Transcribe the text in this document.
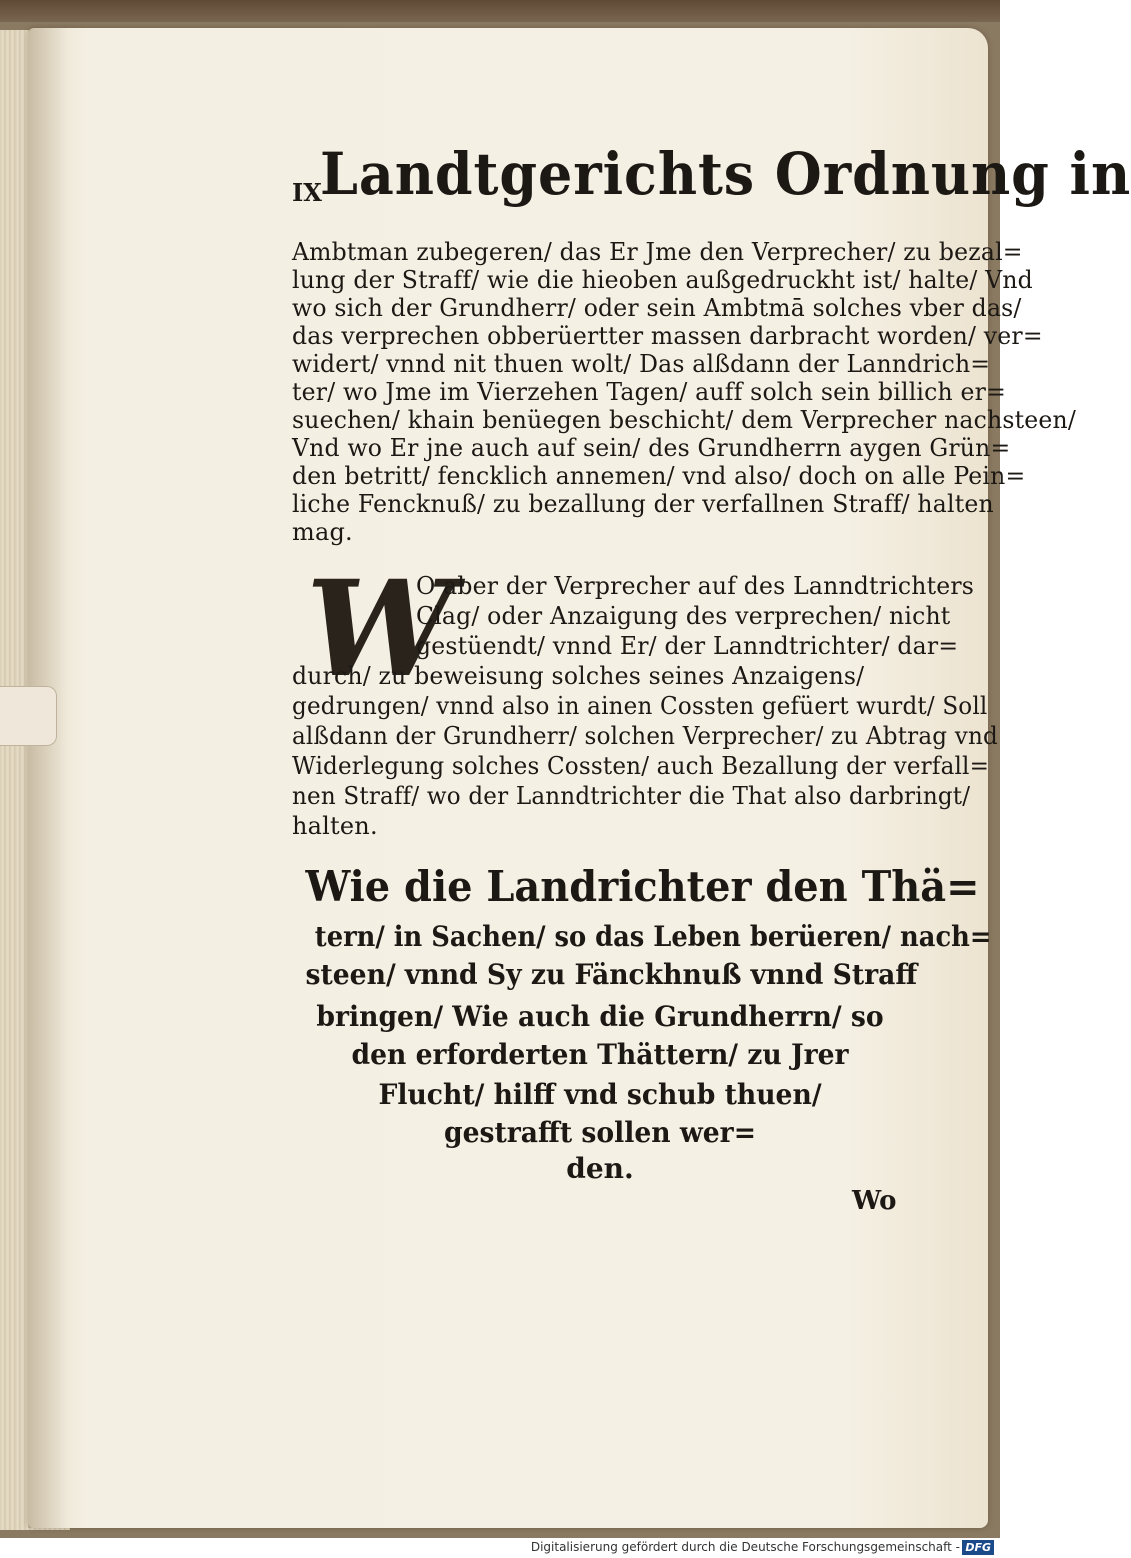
IX
Landtgerichts Ordnung in
Ambtman zubegeren/ das Er Jme den Verprecher/ zu bezal=
lung der Straff/ wie die hieoben außgedruckht ist/ halte/ Vnd
wo sich der Grundherr/ oder sein Ambtmā solches vber das/
das verprechen obberüertter massen darbracht worden/ ver=
widert/ vnnd nit thuen wolt/ Das alßdann der Lanndrich=
ter/ wo Jme im Vierzehen Tagen/ auff solch sein billich er=
suechen/ khain benüegen beschicht/ dem Verprecher nachsteen/
Vnd wo Er jne auch auf sein/ des Grundherrn aygen Grün=
den betritt/ fencklich annemen/ vnd also/ doch on alle Pein=
liche Fencknuß/ zu bezallung der verfallnen Straff/ halten
mag.
W
O aber der Verprecher auf des Lanndtrichters
Clag/ oder Anzaigung des verprechen/ nicht
gestüendt/ vnnd Er/ der Lanndtrichter/ dar=
durch/ zu beweisung solches seines Anzaigens/
gedrungen/ vnnd also in ainen Cossten gefüert wurdt/ Soll
alßdann der Grundherr/ solchen Verprecher/ zu Abtrag vnd
Widerlegung solches Cossten/ auch Bezallung der verfall=
nen Straff/ wo der Lanndtrichter die That also darbringt/
halten.
Wie die Landrichter den Thä=
tern/ in Sachen/ so das Leben berüeren/ nach=
steen/ vnnd Sy zu Fänckhnuß vnnd Straff
bringen/ Wie auch die Grundherrn/ so
den erforderten Thättern/ zu Jrer
Flucht/ hilff vnd schub thuen/
gestrafft sollen wer=
den.
Wo
Digitalisierung gefördert durch die Deutsche Forschungsgemeinschaft - DFG
